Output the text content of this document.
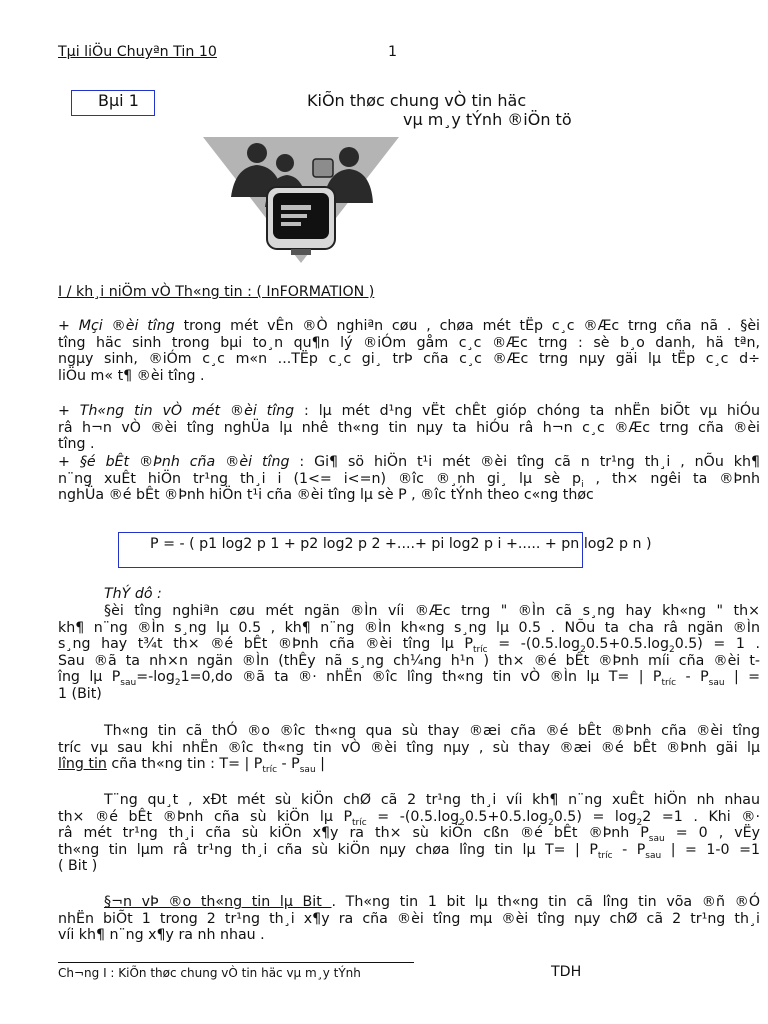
Tµi liÖu Chuyªn Tin 10	1
Bµi 1	KiÕn thøc chung vÒ tin häc
vµ m¸y tÝnh ®iÖn tö
I / kh¸i niÖm vÒ Th«ng tin : ( InFORMATION )
+ Mçi ®èi tîng trong mét vÊn ®Ò nghiªn cøu , chøa mét tËp c¸c ®Æc trng cña nã . §èi
tîng häc sinh trong bµi to¸n qu¶n lý ®iÓm gåm c¸c ®Æc trng : sè b¸o danh, hä tªn,
ngµy sinh, ®iÓm c¸c m«n ...TËp c¸c gi¸ trÞ cña c¸c ®Æc trng nµy gäi lµ tËp c¸c d÷
liÖu m« t¶ ®èi tîng .
+ Th«ng tin vÒ mét ®èi tîng : lµ mét d¹ng vËt chÊt gióp chóng ta nhËn biÕt vµ hiÓu
râ h¬n vÒ ®èi tîng nghÜa lµ nhê th«ng tin nµy ta hiÓu râ h¬n c¸c ®Æc trng cña ®èi
tîng .
+ §é bÊt ®Þnh cña ®èi tîng : Gi¶ sö hiÖn t¹i mét ®èi tîng cã n tr¹ng th¸i , nÕu kh¶
n¨ng xuÊt hiÖn tr¹ng th¸i i (1<= i<=n) ®îc ®¸nh gi¸ lµ sè $p_i$ , th× ngêi ta ®Þnh
nghÜa ®é bÊt ®Þnh hiÖn t¹i cña ®èi tîng lµ sè P , ®îc tÝnh theo c«ng thøc
P = - ( p1 log2 p 1 + p2 log2 p 2 +....+ pi log2 p i +..... + pn log2 p n )
ThÝ dô :
§èi tîng nghiªn cøu mét ngän ®Ìn víi ®Æc trng " ®Ìn cã s¸ng hay kh«ng " th×
kh¶ n¨ng ®Ìn s¸ng lµ 0.5 , kh¶ n¨ng ®Ìn kh«ng s¸ng lµ 0.5 . NÕu ta cha râ ngän ®Ìn
s¸ng hay t¾t th× ®é bÊt ®Þnh cña ®èi tîng lµ $P_{tríc} = -(0.5.\log_20.5+0.5.\log_20.5) = 1$ .
Sau ®ã ta nh×n ngän ®Ìn (thÊy nã s¸ng ch¼ng h¹n ) th× ®é bÊt ®Þnh míi cña ®èi t-
îng lµ $P_{sau}=-\log_21=0,do$ ®ã ta ®· nhËn ®îc lîng th«ng tin vÒ ®Ìn lµ T= | $P_{tríc} - P_{sau}$ | =
1 (Bit)
Th«ng tin cã thÓ ®o ®îc th«ng qua sù thay ®æi cña ®é bÊt ®Þnh cña ®èi tîng
tríc vµ sau khi nhËn ®îc th«ng tin vÒ ®èi tîng nµy , sù thay ®æi ®é bÊt ®Þnh gäi lµ
lîng tin cña th«ng tin : T= | $P_{tríc} - P_{sau}$ |
T¨ng qu¸t , xÐt mét sù kiÖn chØ cã 2 tr¹ng th¸i víi kh¶ n¨ng xuÊt hiÖn nh nhau
th× ®é bÊt ®Þnh cña sù kiÖn lµ $P_{tríc} = -(0.5.\log_20.5+0.5.\log_20.5) = \log_22 =1$ . Khi ®·
râ mét tr¹ng th¸i cña sù kiÖn x¶y ra th× sù kiÖn cßn ®é bÊt ®Þnh $P_{sau} = 0$ , vËy
th«ng tin lµm râ tr¹ng th¸i cña sù kiÖn nµy chøa lîng tin lµ T= | $P_{tríc} - P_{sau}$ | = 1-0 =1
( Bit )
§¬n vÞ ®o th«ng tin lµ Bit . Th«ng tin 1 bit lµ th«ng tin cã lîng tin võa ®ñ ®Ó
nhËn biÕt 1 trong 2 tr¹ng th¸i x¶y ra cña ®èi tîng mµ ®èi tîng nµy chØ cã 2 tr¹ng th¸i
víi kh¶ n¨ng x¶y ra nh nhau .
Ch¬ng I : KiÕn thøc chung vÒ tin häc vµ m¸y tÝnh	TDH
